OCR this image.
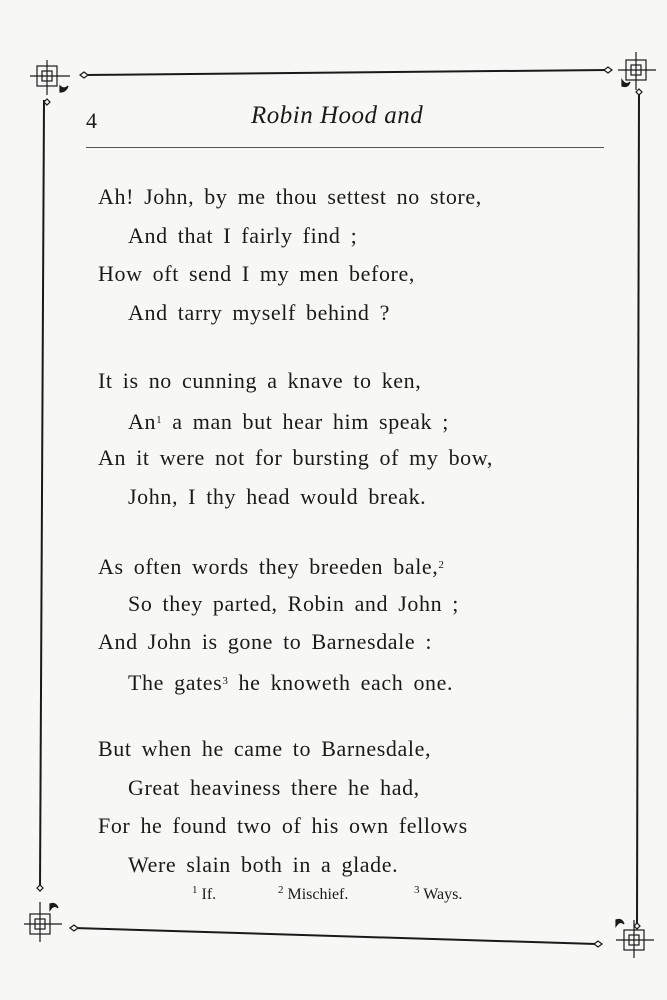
4	Robin Hood and
Ah! John, by me thou settest no store,
And that I fairly find ;
How oft send I my men before,
And tarry myself behind ?
It is no cunning a knave to ken,
An$^1$ a man but hear him speak ;
An it were not for bursting of my bow,
John, I thy head would break.
As often words they breeden bale,$^2$
So they parted, Robin and John ;
And John is gone to Barnesdale :
The gates$^3$ he knoweth each one.
But when he came to Barnesdale,
Great heaviness there he had,
For he found two of his own fellows
Were slain both in a glade.
$^1$ If.	$^2$ Mischief.	$^3$ Ways.
